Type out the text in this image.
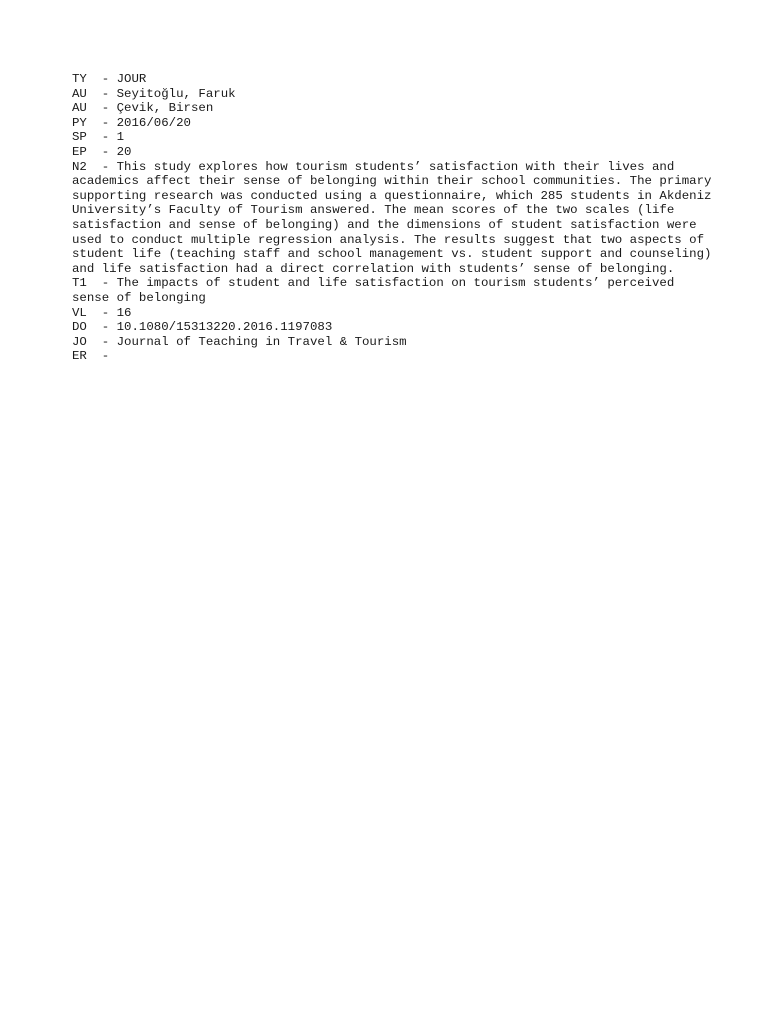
TY  - JOUR
AU  - Seyitoğlu, Faruk
AU  - Çevik, Birsen
PY  - 2016/06/20
SP  - 1
EP  - 20
N2  - This study explores how tourism students’ satisfaction with their lives and academics affect their sense of belonging within their school communities. The primary supporting research was conducted using a questionnaire, which 285 students in Akdeniz University’s Faculty of Tourism answered. The mean scores of the two scales (life satisfaction and sense of belonging) and the dimensions of student satisfaction were used to conduct multiple regression analysis. The results suggest that two aspects of student life (teaching staff and school management vs. student support and counseling) and life satisfaction had a direct correlation with students’ sense of belonging.
T1  - The impacts of student and life satisfaction on tourism students’ perceived sense of belonging
VL  - 16
DO  - 10.1080/15313220.2016.1197083
JO  - Journal of Teaching in Travel & Tourism
ER  -
